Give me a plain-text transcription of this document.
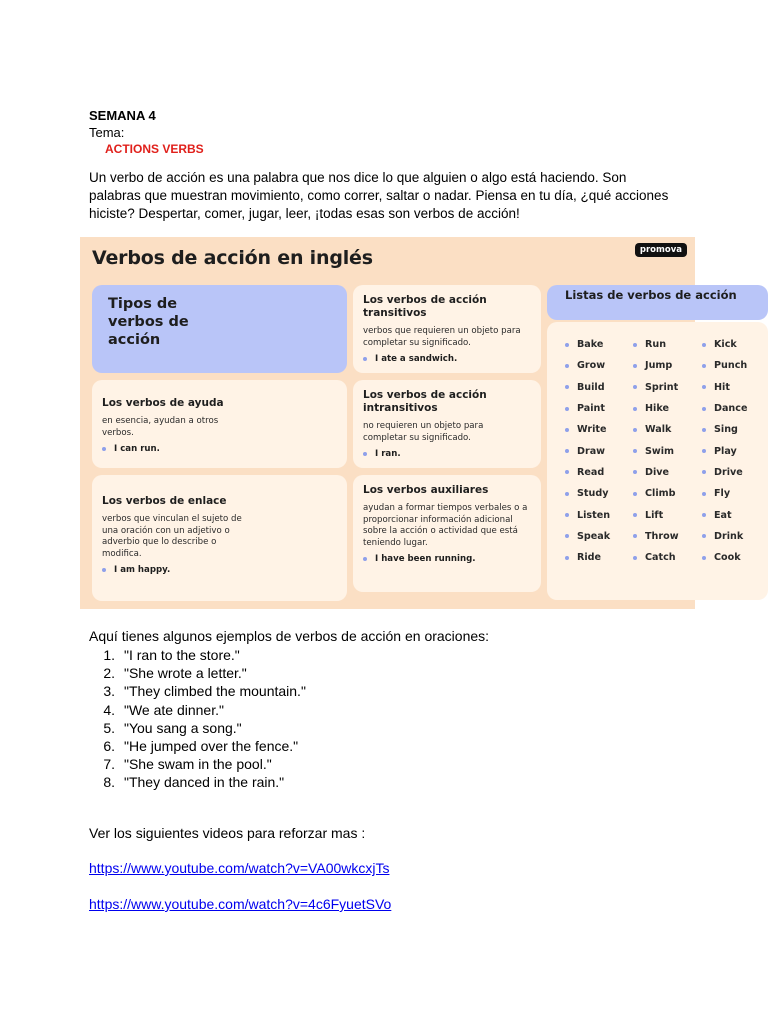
SEMANA 4
Tema:
ACTIONS VERBS
Un verbo de acción es una palabra que nos dice lo que alguien o algo está haciendo. Son palabras que muestran movimiento, como correr, saltar o nadar. Piensa en tu día, ¿qué acciones hiciste? Despertar, comer, jugar, leer, ¡todas esas son verbos de acción!
Verbos de acción en inglés	promova
Tipos de verbos de acción
Los verbos de ayuda
en esencia, ayudan a otros verbos.
I can run.
Los verbos de enlace
verbos que vinculan el sujeto de una oración con un adjetivo o adverbio que lo describe o modifica.
I am happy.
Los verbos de acción transitivos
verbos que requieren un objeto para completar su significado.
I ate a sandwich.
Los verbos de acción intransitivos
no requieren un objeto para completar su significado.
I ran.
Los verbos auxiliares
ayudan a formar tiempos verbales o a proporcionar información adicional sobre la acción o actividad que está teniendo lugar.
I have been running.
Listas de verbos de acción
Bake
Grow
Build
Paint
Write
Draw
Read
Study
Listen
Speak
Ride
Run
Jump
Sprint
Hike
Walk
Swim
Dive
Climb
Lift
Throw
Catch
Kick
Punch
Hit
Dance
Sing
Play
Drive
Fly
Eat
Drink
Cook
Aquí tienes algunos ejemplos de verbos de acción en oraciones:
1. "I ran to the store."
2. "She wrote a letter."
3. "They climbed the mountain."
4. "We ate dinner."
5. "You sang a song."
6. "He jumped over the fence."
7. "She swam in the pool."
8. "They danced in the rain."
Ver los siguientes videos para reforzar mas :
https://www.youtube.com/watch?v=VA00wkcxjTs
https://www.youtube.com/watch?v=4c6FyuetSVo
